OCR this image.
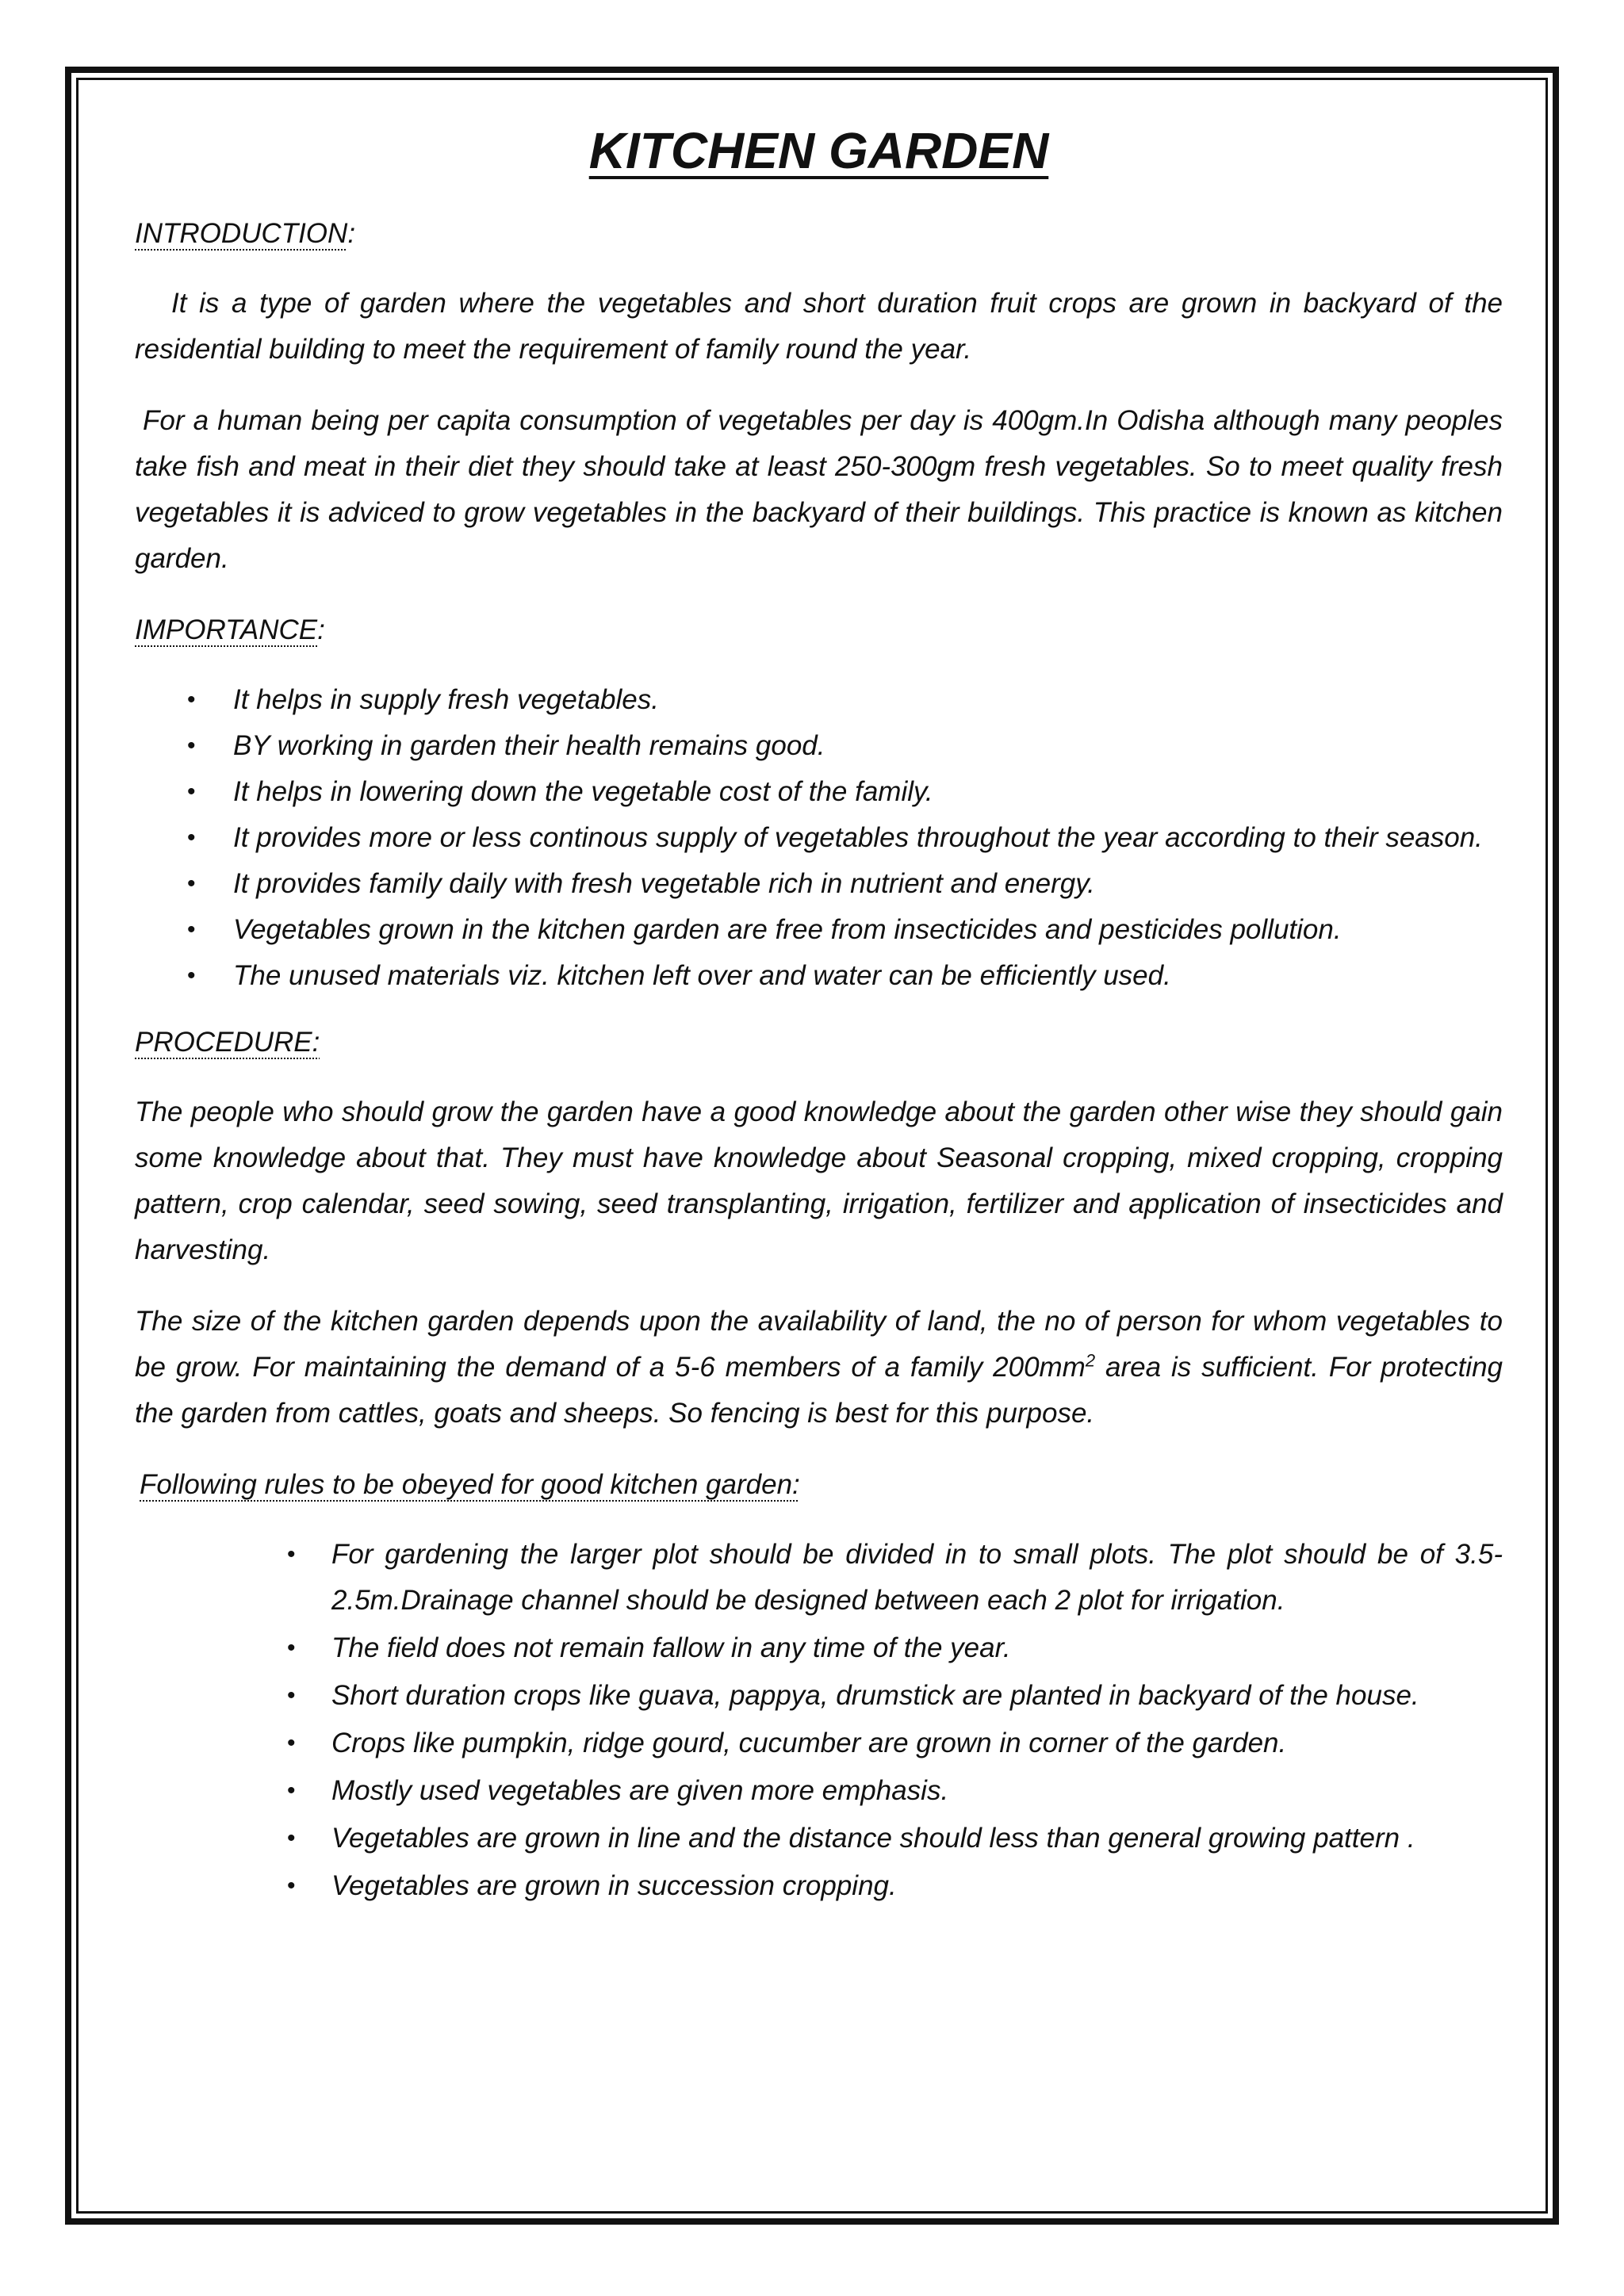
KITCHEN GARDEN
INTRODUCTION:

It is a type of garden where the vegetables and short duration fruit crops are grown in backyard of the residential building to meet the requirement of family round the year.

For a human being per capita consumption of vegetables per day is 400gm.In Odisha although many peoples take fish and meat in their diet they should take at least 250-300gm fresh vegetables. So to meet quality fresh vegetables it is adviced to grow vegetables in the backyard of their buildings. This practice is known as kitchen garden.

IMPORTANCE:
• It helps in supply fresh vegetables.
• BY working in garden their health remains good.
• It helps in lowering down the vegetable cost of the family.
• It provides more or less continous supply of vegetables throughout the year according to their season.
• It provides family daily with fresh vegetable rich in nutrient and energy.
• Vegetables grown in the kitchen garden are free from insecticides and pesticides pollution.
• The unused materials viz. kitchen left over and water can be efficiently used.
PROCEDURE:

The people who should grow the garden have a good knowledge about the garden other wise they should gain some knowledge about that. They must have knowledge about Seasonal cropping, mixed cropping, cropping pattern, crop calendar, seed sowing, seed transplanting, irrigation, fertilizer and application of insecticides and harvesting.

The size of the kitchen garden depends upon the availability of land, the no of person for whom vegetables to be grow. For maintaining the demand of a 5-6 members of a family $200mm^2$ area is sufficient. For protecting the garden from cattles, goats and sheeps. So fencing is best for this purpose.

Following rules to be obeyed for good kitchen garden:
• For gardening the larger plot should be divided in to small plots. The plot should be of 3.5-2.5m.Drainage channel should be designed between each 2 plot for irrigation.
• The field does not remain fallow in any time of the year.
• Short duration crops like guava, pappya, drumstick are planted in backyard of the house.
• Crops like pumpkin, ridge gourd, cucumber are grown in corner of the garden.
• Mostly used vegetables are given more emphasis.
• Vegetables are grown in line and the distance should less than general growing pattern .
• Vegetables are grown in succession cropping.
